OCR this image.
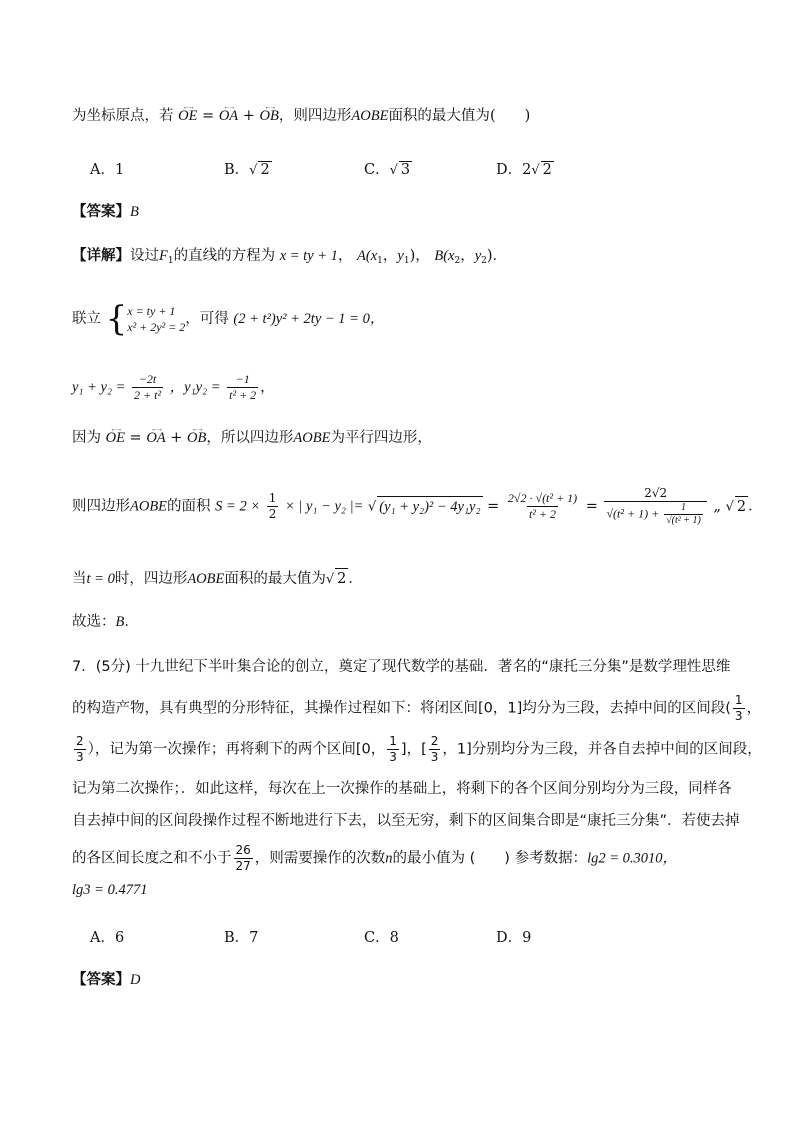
为坐标原点，若 ←→ OE = ←→ OA + ←→ OB，则四边形AOBE面积的最大值为(　　)
A．1	B．√ 2	C．√ 3	D．2√ 2
【答案】B
【详解】设过$F_1$的直线的方程为 x = ty + 1， $A(x_1$，$y_1$)， $B(x_2$，$y_2$)．
联立 { x = ty + 1
x² + 2y² = 2 ，可得 (2 + t²)y² + 2ty − 1 = 0，
$y_1 + y_2 = \frac{-2t}{\text{2 + t²}}$ ，$y_1y_2 = \frac{-1}{\text{t² + 2}}$ ，
因为 ←→ OE = ←→ OA + ←→ OB，所以四边形AOBE为平行四边形，
则四边形AOBE的面积 $S = 2 \times \frac{1}{2}$ × | y₁ − y₂ |= √ $(y_1 + y_2)^2 - 4y_1y_2 = \frac{\text{2√2 · √(t² + 1)}}{\text{t² + 2}} = \frac{2√2}{√(t^2 + 1) + \frac{1}{\text{√(t² + 1)}}}$ „ √ 2 ．
当t = 0时，四边形AOBE面积的最大值为√ 2 ．
故选：B．
7．(5分) 十九世纪下半叶集合论的创立，奠定了现代数学的基础．著名的“康托三分集”是数学理性思维
的构造产物，具有典型的分形特征，其操作过程如下：将闭区间[0，1]均分为三段，去掉中间的区间段( $\frac{1}{3}$ ，
$\frac{2}{3}$ ），记为第一次操作；再将剩下的两个区间[0， $\frac{1}{3}$ ]，[ $\frac{2}{3}$ ，1]分别均分为三段，并各自去掉中间的区间段，
记为第二次操作；．如此这样，每次在上一次操作的基础上，将剩下的各个区间分别均分为三段，同样各
自去掉中间的区间段操作过程不断地进行下去，以至无穷，剩下的区间集合即是“康托三分集”．若使去掉
的各区间长度之和不小于 $\frac{26}{27}$ ，则需要操作的次数n的最小值为 (　　) 参考数据：lg2 = 0.3010，
lg3 = 0.4771
A．6	B．7	C．8	D．9
【答案】D
